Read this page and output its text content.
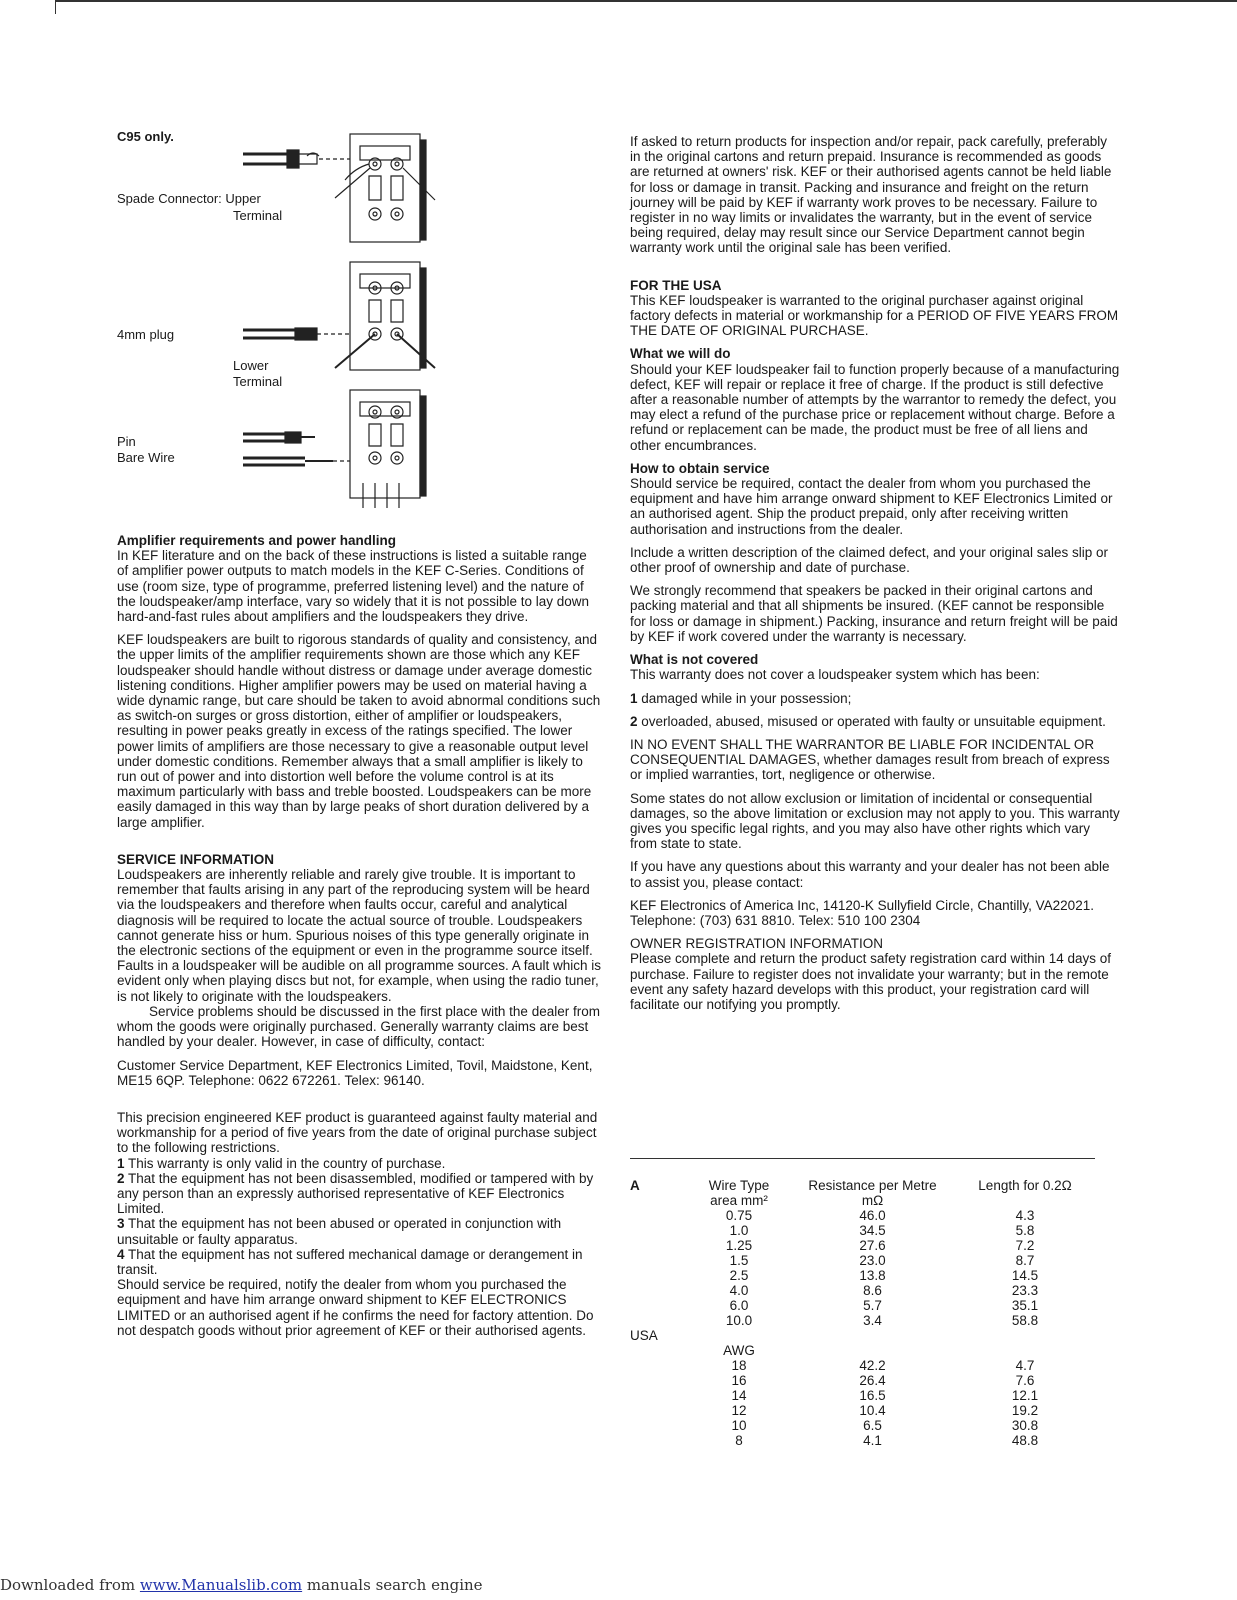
C95 only.
Spade Connector: Upper
Terminal
4mm plug
Lower
Terminal
Pin
Bare Wire

Amplifier requirements and power handling

In KEF literature and on the back of these instructions is listed a suitable range of amplifier power outputs to match models in the KEF C-Series. Conditions of use (room size, type of programme, preferred listening level) and the nature of the loudspeaker/amp interface, vary so widely that it is not possible to lay down hard-and-fast rules about amplifiers and the loudspeakers they drive.

KEF loudspeakers are built to rigorous standards of quality and consistency, and the upper limits of the amplifier requirements shown are those which any KEF loudspeaker should handle without distress or damage under average domestic listening conditions. Higher amplifier powers may be used on material having a wide dynamic range, but care should be taken to avoid abnormal conditions such as switch-on surges or gross distortion, either of amplifier or loudspeakers, resulting in power peaks greatly in excess of the ratings specified. The lower power limits of amplifiers are those necessary to give a reasonable output level under domestic conditions. Remember always that a small amplifier is likely to run out of power and into distortion well before the volume control is at its maximum particularly with bass and treble boosted. Loudspeakers can be more easily damaged in this way than by large peaks of short duration delivered by a large amplifier.

SERVICE INFORMATION

Loudspeakers are inherently reliable and rarely give trouble. It is important to remember that faults arising in any part of the reproducing system will be heard via the loudspeakers and therefore when faults occur, careful and analytical diagnosis will be required to locate the actual source of trouble. Loudspeakers cannot generate hiss or hum. Spurious noises of this type generally originate in the electronic sections of the equipment or even in the programme source itself. Faults in a loudspeaker will be audible on all programme sources. A fault which is evident only when playing discs but not, for example, when using the radio tuner, is not likely to originate with the loudspeakers.

Service problems should be discussed in the first place with the dealer from whom the goods were originally purchased. Generally warranty claims are best handled by your dealer. However, in case of difficulty, contact:

Customer Service Department, KEF Electronics Limited, Tovil, Maidstone, Kent, ME15 6QP. Telephone: 0622 672261. Telex: 96140.

This precision engineered KEF product is guaranteed against faulty material and workmanship for a period of five years from the date of original purchase subject to the following restrictions.

1 This warranty is only valid in the country of purchase.

2 That the equipment has not been disassembled, modified or tampered with by any person than an expressly authorised representative of KEF Electronics Limited.

3 That the equipment has not been abused or operated in conjunction with unsuitable or faulty apparatus.

4 That the equipment has not suffered mechanical damage or derangement in transit.

Should service be required, notify the dealer from whom you purchased the equipment and have him arrange onward shipment to KEF ELECTRONICS LIMITED or an authorised agent if he confirms the need for factory attention. Do not despatch goods without prior agreement of KEF or their authorised agents.

If asked to return products for inspection and/or repair, pack carefully, preferably in the original cartons and return prepaid. Insurance is recommended as goods are returned at owners' risk. KEF or their authorised agents cannot be held liable for loss or damage in transit. Packing and insurance and freight on the return journey will be paid by KEF if warranty work proves to be necessary. Failure to register in no way limits or invalidates the warranty, but in the event of service being required, delay may result since our Service Department cannot begin warranty work until the original sale has been verified.

FOR THE USA

This KEF loudspeaker is warranted to the original purchaser against original factory defects in material or workmanship for a PERIOD OF FIVE YEARS FROM THE DATE OF ORIGINAL PURCHASE.

What we will do

Should your KEF loudspeaker fail to function properly because of a manufacturing defect, KEF will repair or replace it free of charge. If the product is still defective after a reasonable number of attempts by the warrantor to remedy the defect, you may elect a refund of the purchase price or replacement without charge. Before a refund or replacement can be made, the product must be free of all liens and other encumbrances.

How to obtain service

Should service be required, contact the dealer from whom you purchased the equipment and have him arrange onward shipment to KEF Electronics Limited or an authorised agent. Ship the product prepaid, only after receiving written authorisation and instructions from the dealer.

Include a written description of the claimed defect, and your original sales slip or other proof of ownership and date of purchase.

We strongly recommend that speakers be packed in their original cartons and packing material and that all shipments be insured. (KEF cannot be responsible for loss or damage in shipment.) Packing, insurance and return freight will be paid by KEF if work covered under the warranty is necessary.

What is not covered

This warranty does not cover a loudspeaker system which has been:

1 damaged while in your possession;

2 overloaded, abused, misused or operated with faulty or unsuitable equipment.

IN NO EVENT SHALL THE WARRANTOR BE LIABLE FOR INCIDENTAL OR CONSEQUENTIAL DAMAGES, whether damages result from breach of express or implied warranties, tort, negligence or otherwise.

Some states do not allow exclusion or limitation of incidental or consequential damages, so the above limitation or exclusion may not apply to you. This warranty gives you specific legal rights, and you may also have other rights which vary from state to state.

If you have any questions about this warranty and your dealer has not been able to assist you, please contact:

KEF Electronics of America Inc, 14120-K Sullyfield Circle, Chantilly, VA22021. Telephone: (703) 631 8810. Telex: 510 100 2304

OWNER REGISTRATION INFORMATION

Please complete and return the product safety registration card within 14 days of purchase. Failure to register does not invalidate your warranty; but in the remote event any safety hazard develops with this product, your registration card will facilitate our notifying you promptly.

A	Wire Type	Resistance per Metre	Length for 0.2Ω
	area mm²	mΩ	
	0.75	46.0	4.3
	1.0	34.5	5.8
	1.25	27.6	7.2
	1.5	23.0	8.7
	2.5	13.8	14.5
	4.0	8.6	23.3
	6.0	5.7	35.1
	10.0	3.4	58.8
USA			
	AWG		
	18	42.2	4.7
	16	26.4	7.6
	14	16.5	12.1
	12	10.4	19.2
	10	6.5	30.8
	8	4.1	48.8
Downloaded from www.Manualslib.com manuals search engine
